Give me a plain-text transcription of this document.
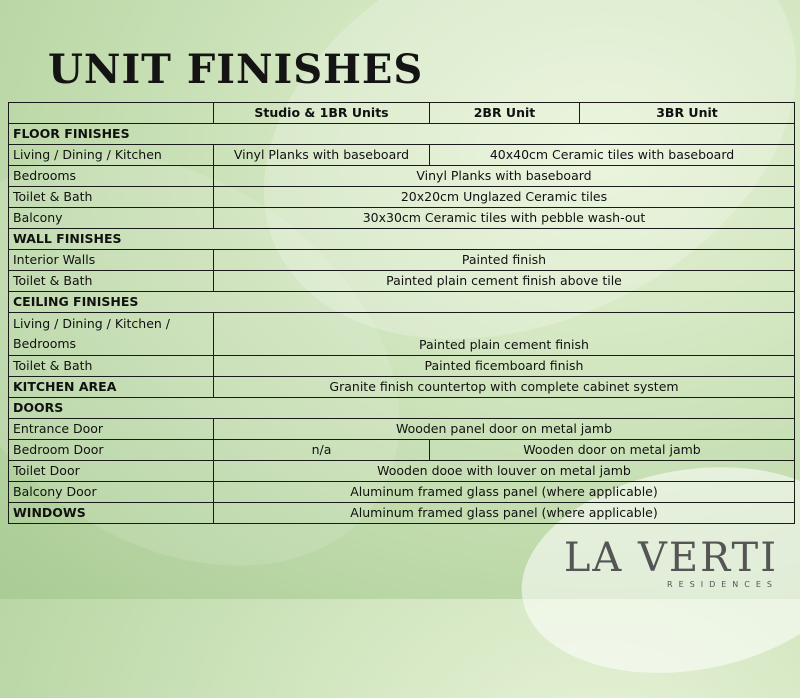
UNIT FINISHES
	Studio & 1BR Units	2BR Unit	3BR Unit
FLOOR FINISHES			
Living / Dining / Kitchen	Vinyl Planks with baseboard	40x40cm Ceramic tiles with baseboard	
Bedrooms	Vinyl Planks with baseboard		
Toilet & Bath	20x20cm Unglazed Ceramic tiles		
Balcony	30x30cm Ceramic tiles with pebble wash-out		
WALL FINISHES			
Interior Walls	Painted finish		
Toilet & Bath	Painted plain cement finish above tile		
CEILING FINISHES			

Living / Dining / Kitchen /
Bedrooms	Painted plain cement finish		
Toilet & Bath	Painted ficemboard finish		
KITCHEN AREA	Granite finish countertop with complete cabinet system		
DOORS			
Entrance Door	Wooden panel door on metal jamb		
Bedroom Door	n/a	Wooden door on metal jamb	
Toilet Door	Wooden dooe with louver on metal jamb		
Balcony Door	Aluminum framed glass panel (where applicable)		
WINDOWS	Aluminum framed glass panel (where applicable)		
LA VERTI
RESIDENCES
